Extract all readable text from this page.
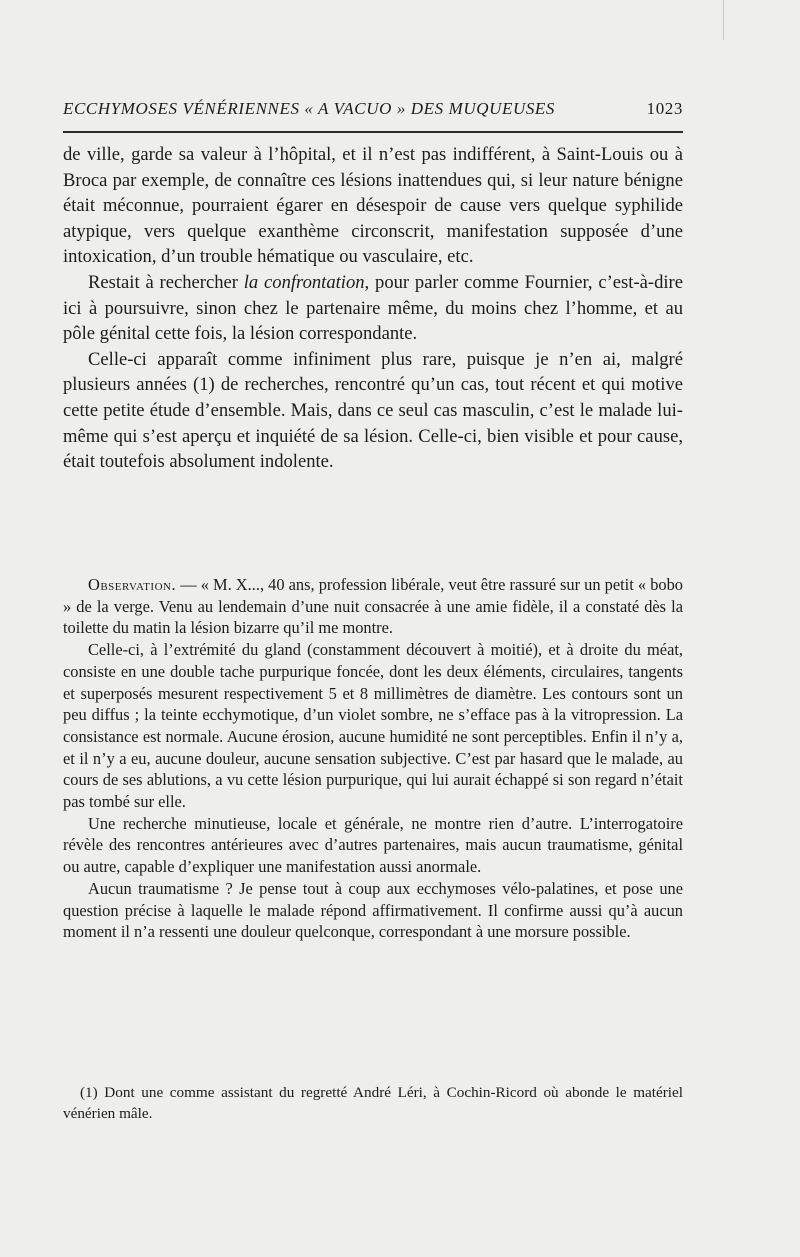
ECCHYMOSES VÉNÉRIENNES « A VACUO » DES MUQUEUSES	1023

de ville, garde sa valeur à l’hôpital, et il n’est pas indifférent, à Saint-Louis ou à Broca par exemple, de connaître ces lésions inattendues qui, si leur nature bénigne était méconnue, pourraient égarer en désespoir de cause vers quelque syphilide atypique, vers quelque exanthème circonscrit, manifestation supposée d’une intoxication, d’un trouble hématique ou vasculaire, etc.

Restait à rechercher la confrontation, pour parler comme Fournier, c’est-à-dire ici à poursuivre, sinon chez le partenaire même, du moins chez l’homme, et au pôle génital cette fois, la lésion correspondante.

Celle-ci apparaît comme infiniment plus rare, puisque je n’en ai, malgré plusieurs années (1) de recherches, rencontré qu’un cas, tout récent et qui motive cette petite étude d’ensemble. Mais, dans ce seul cas masculin, c’est le malade lui-même qui s’est aperçu et inquiété de sa lésion. Celle-ci, bien visible et pour cause, était toutefois absolument indolente.

Observation. — « M. X..., 40 ans, profession libérale, veut être rassuré sur un petit « bobo » de la verge. Venu au lendemain d’une nuit consacrée à une amie fidèle, il a constaté dès la toilette du matin la lésion bizarre qu’il me montre.

Celle-ci, à l’extrémité du gland (constamment découvert à moitié), et à droite du méat, consiste en une double tache purpurique foncée, dont les deux éléments, circulaires, tangents et superposés mesurent respectivement 5 et 8 millimètres de diamètre. Les contours sont un peu diffus ; la teinte ecchymotique, d’un violet sombre, ne s’efface pas à la vitropression. La consistance est normale. Aucune érosion, aucune humidité ne sont perceptibles. Enfin il n’y a, et il n’y a eu, aucune douleur, aucune sensation subjective. C’est par hasard que le malade, au cours de ses ablutions, a vu cette lésion purpurique, qui lui aurait échappé si son regard n’était pas tombé sur elle.

Une recherche minutieuse, locale et générale, ne montre rien d’autre. L’interrogatoire révèle des rencontres antérieures avec d’autres partenaires, mais aucun traumatisme, génital ou autre, capable d’expliquer une manifestation aussi anormale.

Aucun traumatisme ? Je pense tout à coup aux ecchymoses vélo-palatines, et pose une question précise à laquelle le malade répond affirmativement. Il confirme aussi qu’à aucun moment il n’a ressenti une douleur quelconque, correspondant à une morsure possible.

(1) Dont une comme assistant du regretté André Léri, à Cochin-Ricord où abonde le matériel vénérien mâle.
